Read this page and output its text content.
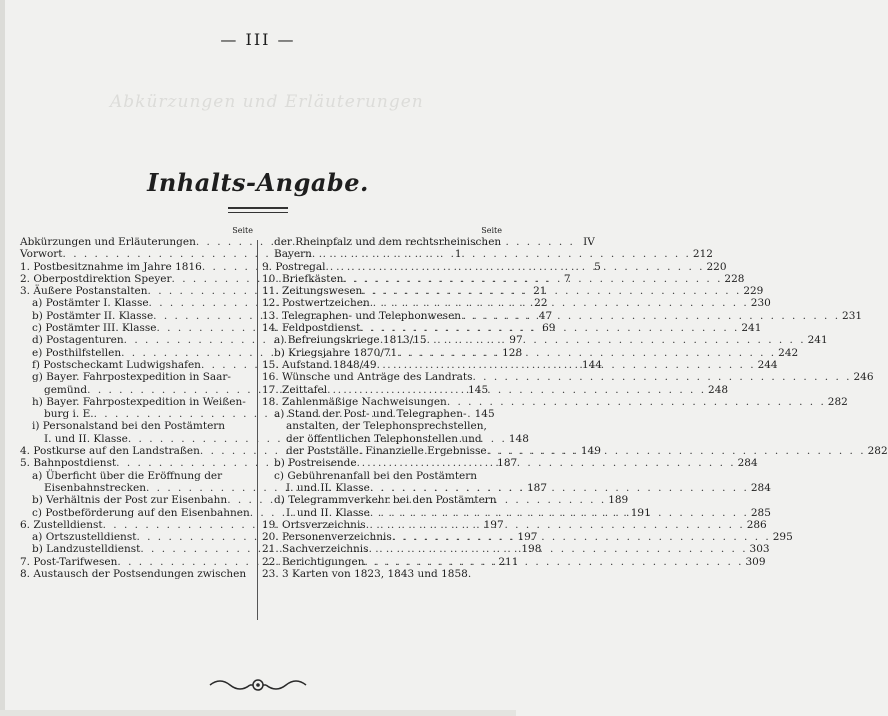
— III —
Abkürzungen und Erläuterungen
Inhalts-Angabe.
Seite
Abkürzungen und Erläuterungen . . .	IV
Vorwort . . .	1
1. Postbesitznahme im Jahre 1816 . . .	5
2. Oberpostdirektion Speyer . . .	7
3. Äußere Postanstalten . . .	21
a) Postämter I. Klasse . . .	22
b) Postämter II. Klasse . . .	47
c) Postämter III. Klasse . . .	69
d) Postagenturen . . .	97
e) Posthilfstellen . . .	128
f) Postscheckamt Ludwigshafen . . .	144
g) Bayer. Fahrpostexpedition in Saar-
gemünd . . .	145
h) Bayer. Fahrpostexpedition in Weißen-
burg i. E. . . .	145
i) Personalstand bei den Postämtern
I. und II. Klasse . . .	148
4. Postkurse auf den Landstraßen . . .	149
5. Bahnpostdienst . . .	187
a) Überficht über die Eröffnung der
Eisenbahnstrecken . . .	187
b) Verhältnis der Post zur Eisenbahn . . .	189
c) Postbeförderung auf den Eisenbahnen . . .	191
6. Zustelldienst . . .	197
a) Ortszustelldienst . . .	197
b) Landzustelldienst . . .	198
7. Post-Tarifwesen . . .	211
8. Austausch der Postsendungen zwischen
Seite
der Rheinpfalz und dem rechtsrheinischen
Bayern . . .	212
9. Postregal . . .	220
10. Briefkästen . . .	228
11. Zeitungswesen . . .	229
12. Postwertzeichen . . .	230
13. Telegraphen- und Telephonwesen . . .	231
14. Feldpostdienst . . .	241
a) Befreiungskriege 1813/15 . . .	241
b) Kriegsjahre 1870/71 . . .	242
15. Aufstand 1848/49 . . .	244
16. Wünsche und Anträge des Landrats . . .	246
17. Zeittafel . . .	248
18. Zahlenmäßige Nachweisungen . . .	282
a) Stand der Post- und Telegraphen-
anstalten, der Telephonsprechstellen,
der öffentlichen Telephonstellen und
der Postställe. Finanzielle Ergebnisse . . .	282
b) Postreisende . . .	284
c) Gebührenanfall bei den Postämtern
I. und II. Klasse . . .	284
d) Telegrammverkehr bei den Postämtern
I. und II. Klasse . . .	285
19. Ortsverzeichnis . . .	286
20. Personenverzeichnis . . .	295
21. Sachverzeichnis . . .	303
22. Berichtigungen . . .	309
23. 3 Karten von 1823, 1843 und 1858.
